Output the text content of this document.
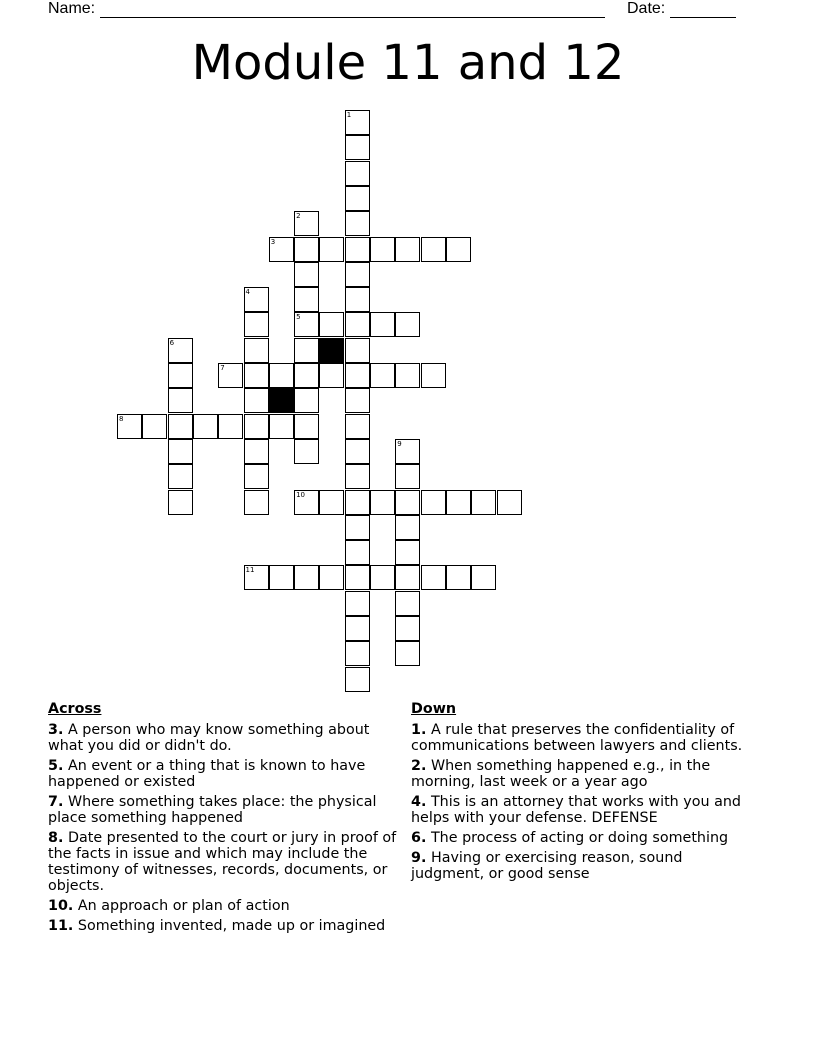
Name:	Date:
Module 11 and 12
1
2
5
3
4
6
7
8
9
10
11
Across
3. A person who may know something about what you did or didn't do.
5. An event or a thing that is known to have happened or existed
7. Where something takes place: the physical place something happened
8. Date presented to the court or jury in proof of the facts in issue and which may include the testimony of witnesses, records, documents, or objects.
10. An approach or plan of action
11. Something invented, made up or imagined
Down
1. A rule that preserves the confidentiality of communications between lawyers and clients.
2. When something happened e.g., in the morning, last week or a year ago
4. This is an attorney that works with you and helps with your defense. DEFENSE
6. The process of acting or doing something
9. Having or exercising reason, sound judgment, or good sense
